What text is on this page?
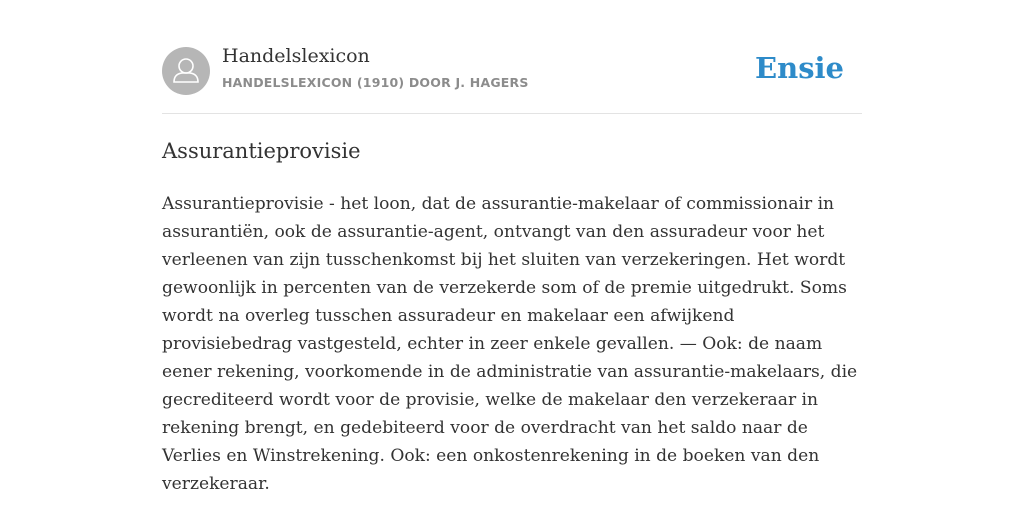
Handelslexicon
HANDELSLEXICON (1910) DOOR J. HAGERS	Ensie
Assurantieprovisie

Assurantieprovisie - het loon, dat de assurantie-makelaar of commissionair in assurantiën, ook de assurantie-agent, ontvangt van den assuradeur voor het verleenen van zijn tusschenkomst bij het sluiten van verzekeringen. Het wordt gewoonlijk in percenten van de verzekerde som of de premie uitgedrukt. Soms wordt na overleg tusschen assuradeur en makelaar een afwijkend provisiebedrag vastgesteld, echter in zeer enkele gevallen. — Ook: de naam eener rekening, voorkomende in de administratie van assurantie-makelaars, die gecrediteerd wordt voor de provisie, welke de makelaar den verzekeraar in rekening brengt, en gedebiteerd voor de overdracht van het saldo naar de Verlies en Winstrekening. Ook: een onkostenrekening in de boeken van den verzekeraar.
